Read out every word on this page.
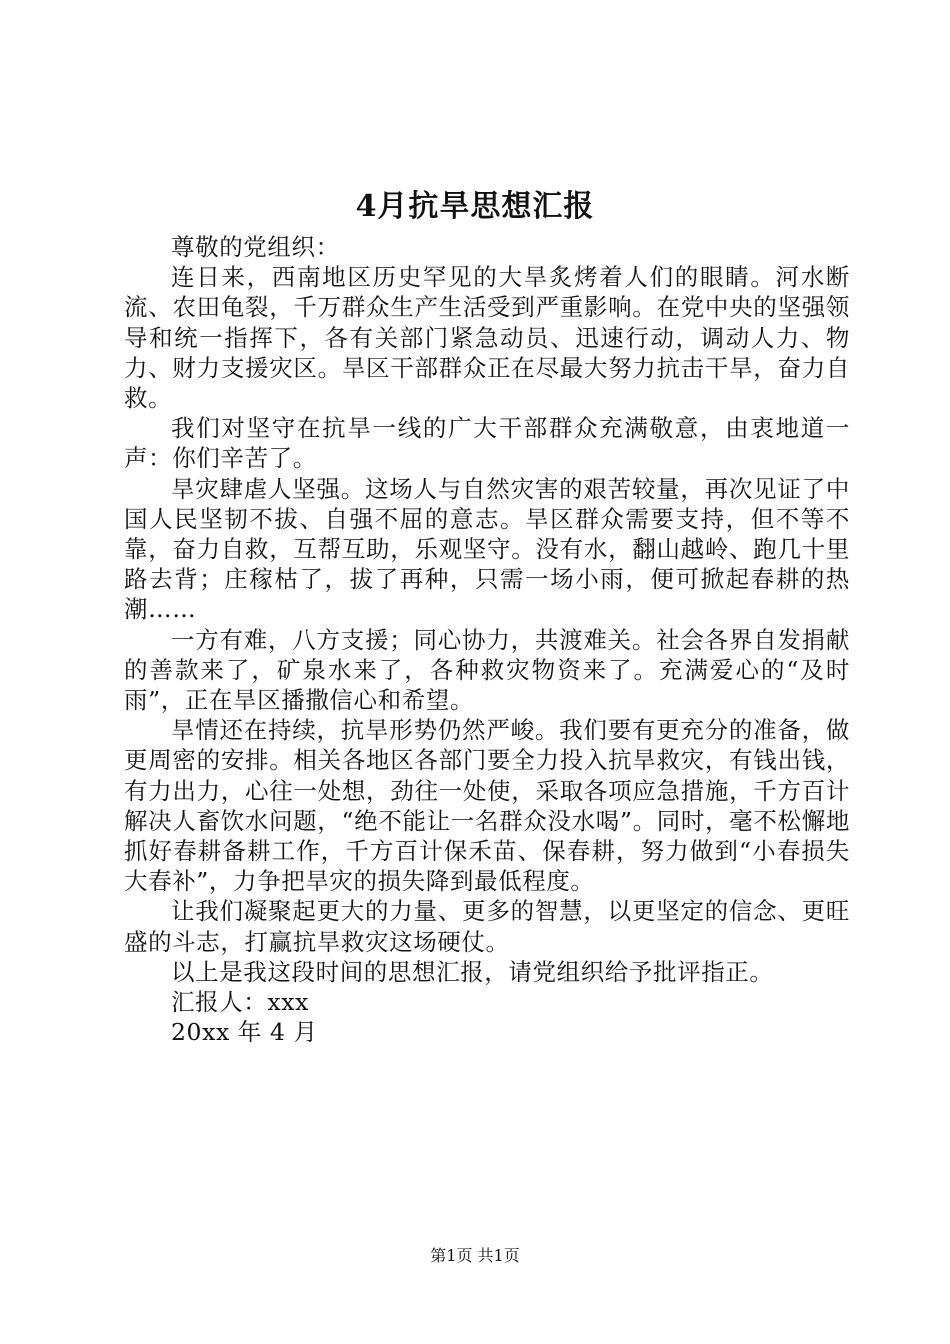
4月抗旱思想汇报

尊敬的党组织：

连日来，西南地区历史罕见的大旱炙烤着人们的眼睛。河水断流、农田龟裂，千万群众生产生活受到严重影响。在党中央的坚强领导和统一指挥下，各有关部门紧急动员、迅速行动，调动人力、物力、财力支援灾区。旱区干部群众正在尽最大努力抗击干旱，奋力自救。

我们对坚守在抗旱一线的广大干部群众充满敬意，由衷地道一声：你们辛苦了。

旱灾肆虐人坚强。这场人与自然灾害的艰苦较量，再次见证了中国人民坚韧不拔、自强不屈的意志。旱区群众需要支持，但不等不靠，奋力自救，互帮互助，乐观坚守。没有水，翻山越岭、跑几十里路去背；庄稼枯了，拔了再种，只需一场小雨，便可掀起春耕的热潮……

一方有难，八方支援；同心协力，共渡难关。社会各界自发捐献的善款来了，矿泉水来了，各种救灾物资来了。充满爱心的“及时雨”，正在旱区播撒信心和希望。

旱情还在持续，抗旱形势仍然严峻。我们要有更充分的准备，做更周密的安排。相关各地区各部门要全力投入抗旱救灾，有钱出钱，有力出力，心往一处想，劲往一处使，采取各项应急措施，千方百计解决人畜饮水问题，“绝不能让一名群众没水喝”。同时，毫不松懈地抓好春耕备耕工作，千方百计保禾苗、保春耕，努力做到“小春损失大春补”，力争把旱灾的损失降到最低程度。

让我们凝聚起更大的力量、更多的智慧，以更坚定的信念、更旺盛的斗志，打赢抗旱救灾这场硬仗。

以上是我这段时间的思想汇报，请党组织给予批评指正。

汇报人：xxx

20xx 年 4 月

第1页 共1页
